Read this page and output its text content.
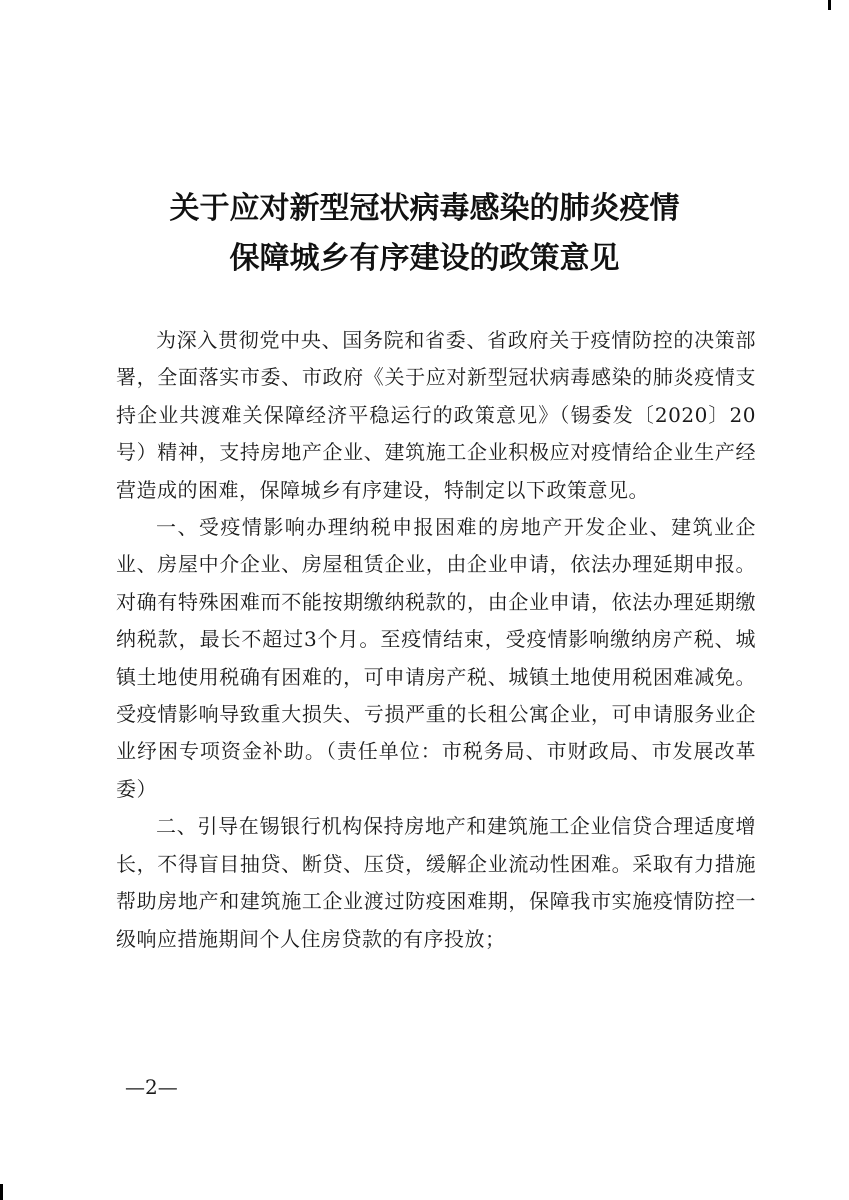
关于应对新型冠状病毒感染的肺炎疫情
保障城乡有序建设的政策意见

为深入贯彻党中央、国务院和省委、省政府关于疫情防控的决策部署，全面落实市委、市政府《关于应对新型冠状病毒感染的肺炎疫情支持企业共渡难关保障经济平稳运行的政策意见》（锡委发〔2020〕20号）精神，支持房地产企业、建筑施工企业积极应对疫情给企业生产经营造成的困难，保障城乡有序建设，特制定以下政策意见。

一、受疫情影响办理纳税申报困难的房地产开发企业、建筑业企业、房屋中介企业、房屋租赁企业，由企业申请，依法办理延期申报。对确有特殊困难而不能按期缴纳税款的，由企业申请，依法办理延期缴纳税款，最长不超过3个月。至疫情结束，受疫情影响缴纳房产税、城镇土地使用税确有困难的，可申请房产税、城镇土地使用税困难减免。受疫情影响导致重大损失、亏损严重的长租公寓企业，可申请服务业企业纾困专项资金补助。（责任单位：市税务局、市财政局、市发展改革委）

二、引导在锡银行机构保持房地产和建筑施工企业信贷合理适度增长，不得盲目抽贷、断贷、压贷，缓解企业流动性困难。采取有力措施帮助房地产和建筑施工企业渡过防疫困难期，保障我市实施疫情防控一级响应措施期间个人住房贷款的有序投放；

—2—
